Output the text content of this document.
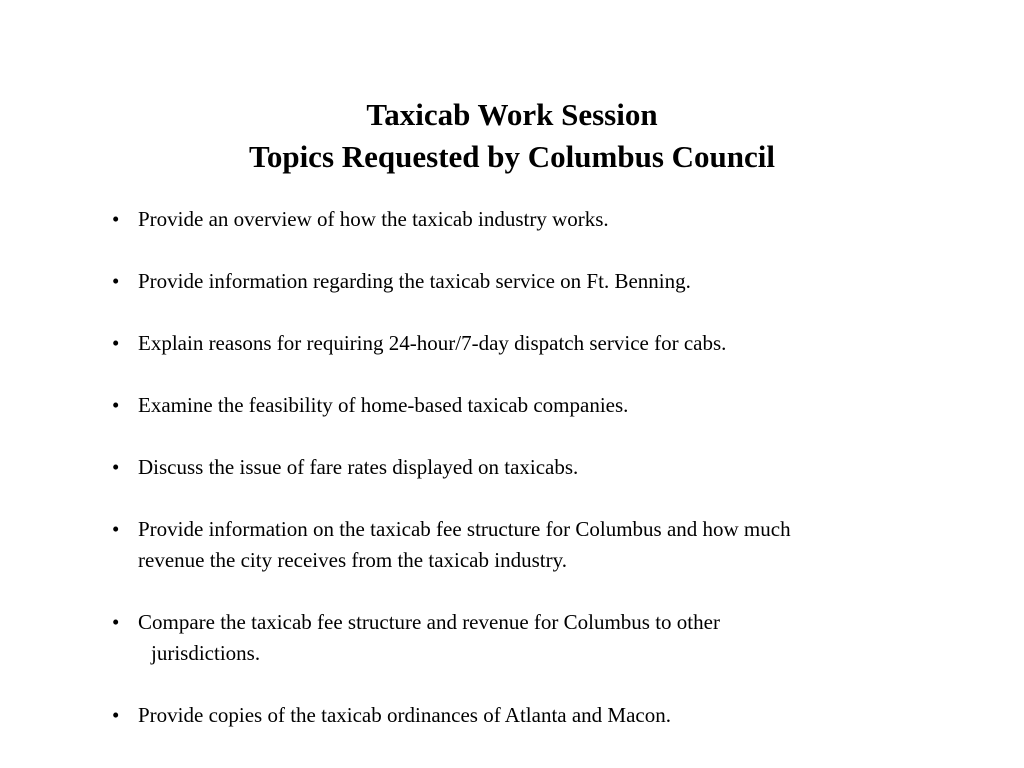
Taxicab Work Session
Topics Requested by Columbus Council
• Provide an overview of how the taxicab industry works.
• Provide information regarding the taxicab service on Ft. Benning.
• Explain reasons for requiring 24-hour/7-day dispatch service for cabs.
• Examine the feasibility of home-based taxicab companies.
• Discuss the issue of fare rates displayed on taxicabs.
• Provide information on the taxicab fee structure for Columbus and how much
revenue the city receives from the taxicab industry.
• Compare the taxicab fee structure and revenue for Columbus to other
jurisdictions.
• Provide copies of the taxicab ordinances of Atlanta and Macon.
